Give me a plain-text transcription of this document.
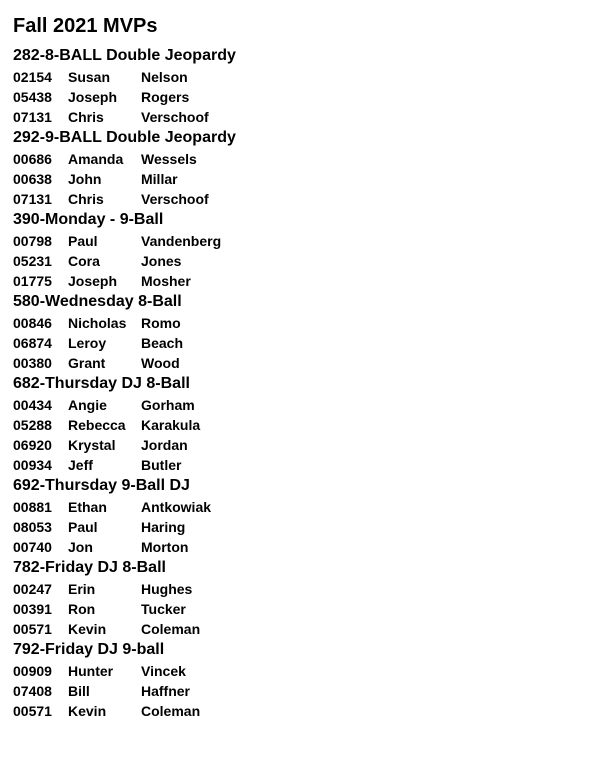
Fall 2021 MVPs
282-8-BALL Double Jeopardy
02154	Susan	Nelson
05438	Joseph	Rogers
07131	Chris	Verschoof
292-9-BALL Double Jeopardy
00686	Amanda	Wessels
00638	John	Millar
07131	Chris	Verschoof
390-Monday - 9-Ball
00798	Paul	Vandenberg
05231	Cora	Jones
01775	Joseph	Mosher
580-Wednesday 8-Ball
00846	Nicholas	Romo
06874	Leroy	Beach
00380	Grant	Wood
682-Thursday DJ 8-Ball
00434	Angie	Gorham
05288	Rebecca	Karakula
06920	Krystal	Jordan
00934	Jeff	Butler
692-Thursday 9-Ball DJ
00881	Ethan	Antkowiak
08053	Paul	Haring
00740	Jon	Morton
782-Friday DJ 8-Ball
00247	Erin	Hughes
00391	Ron	Tucker
00571	Kevin	Coleman
792-Friday DJ 9-ball
00909	Hunter	Vincek
07408	Bill	Haffner
00571	Kevin	Coleman
